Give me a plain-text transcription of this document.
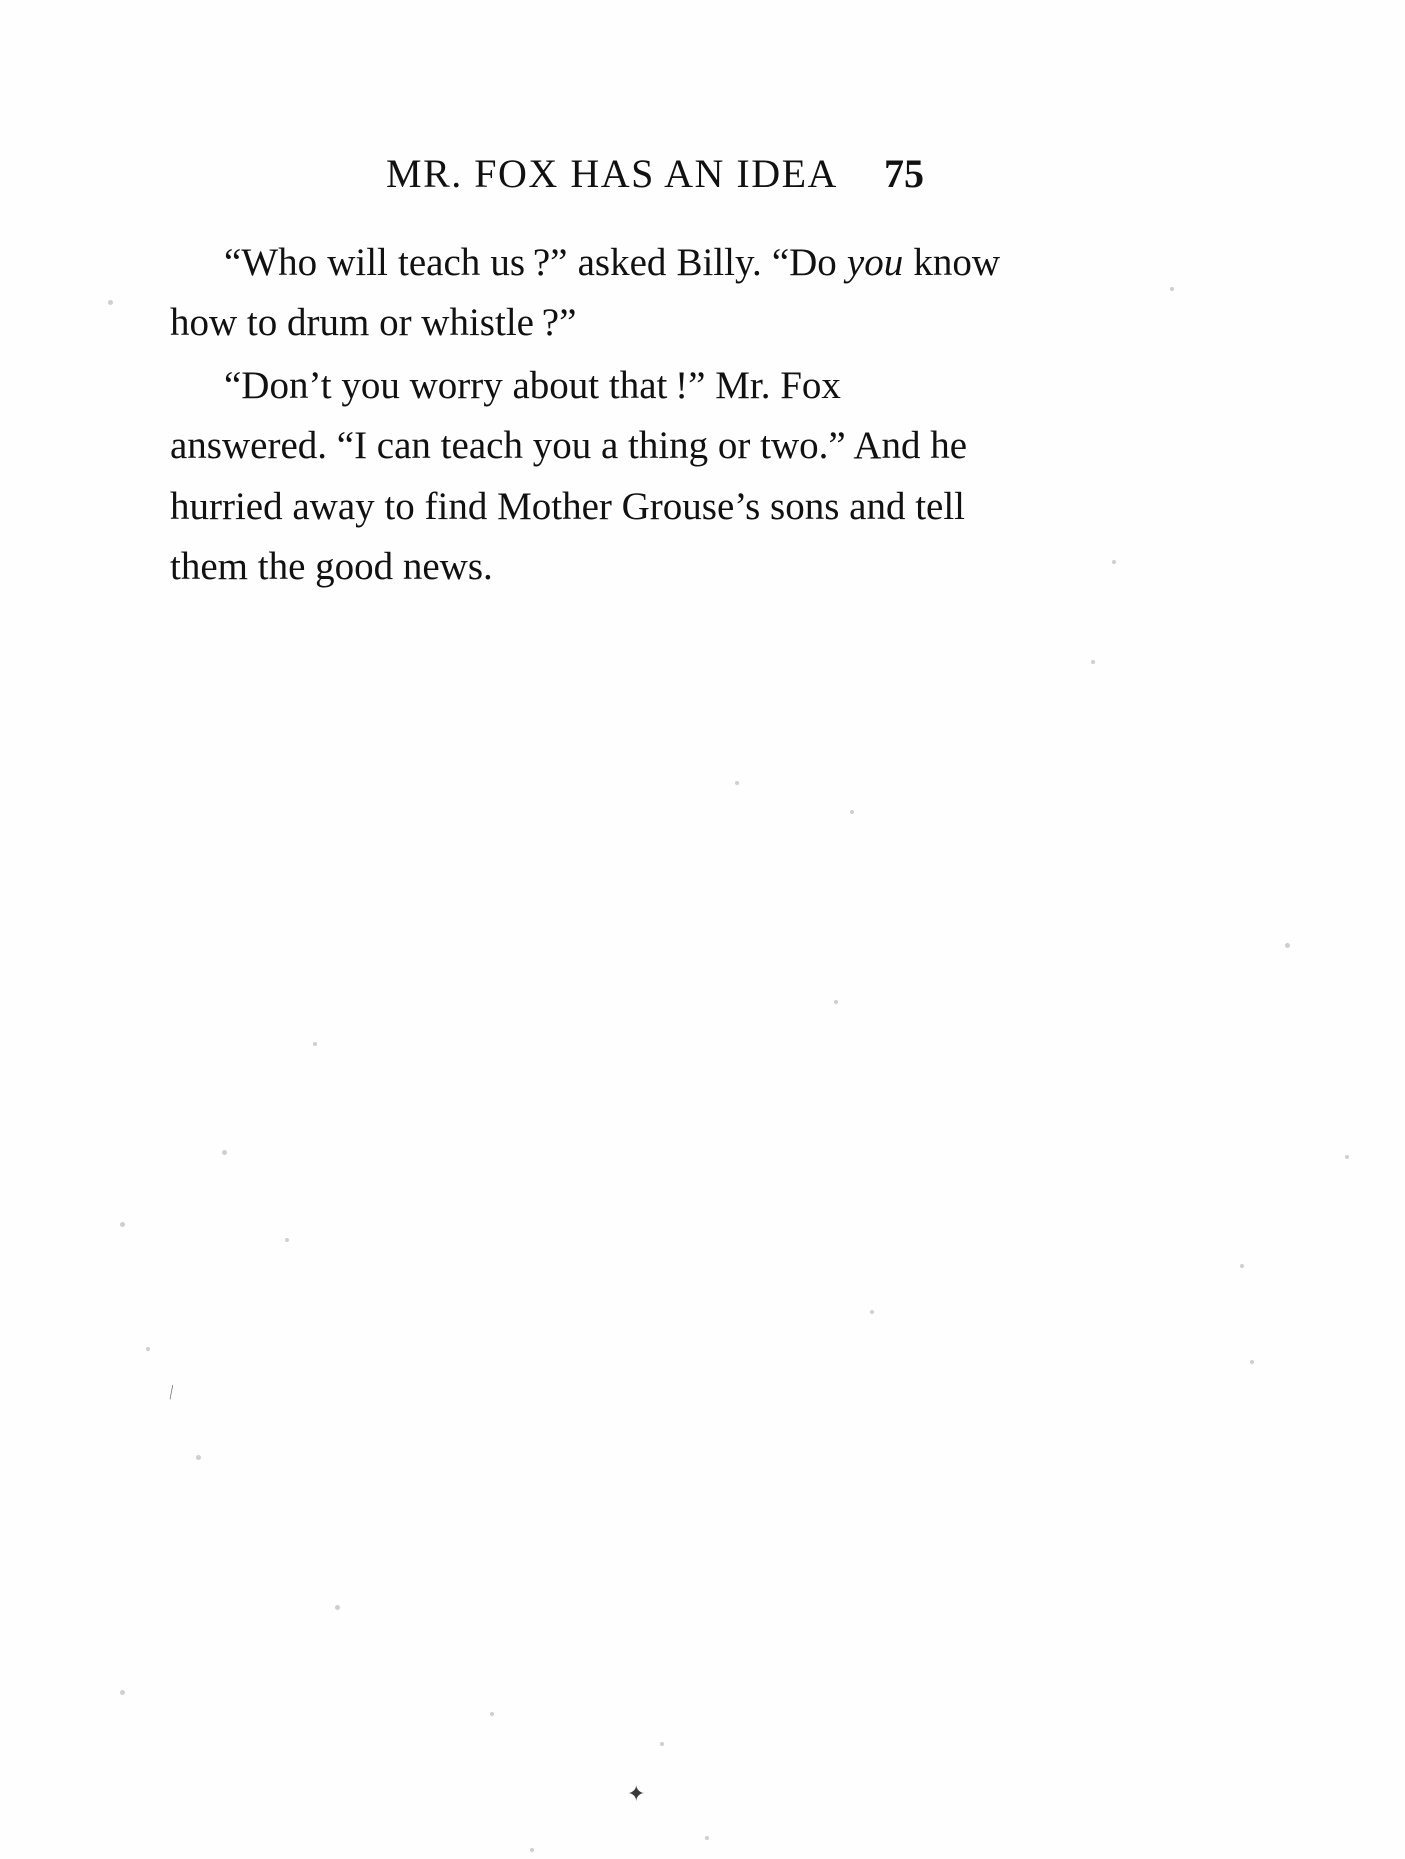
∕
✦
MR. FOX HAS AN IDEA 75

“Who will teach us ?” asked Billy. “Do you know how to drum or whistle ?”

“Don’t you worry about that !” Mr. Fox answered. “I can teach you a thing or two.” And he hurried away to find Mother Grouse’s sons and tell them the good news.
